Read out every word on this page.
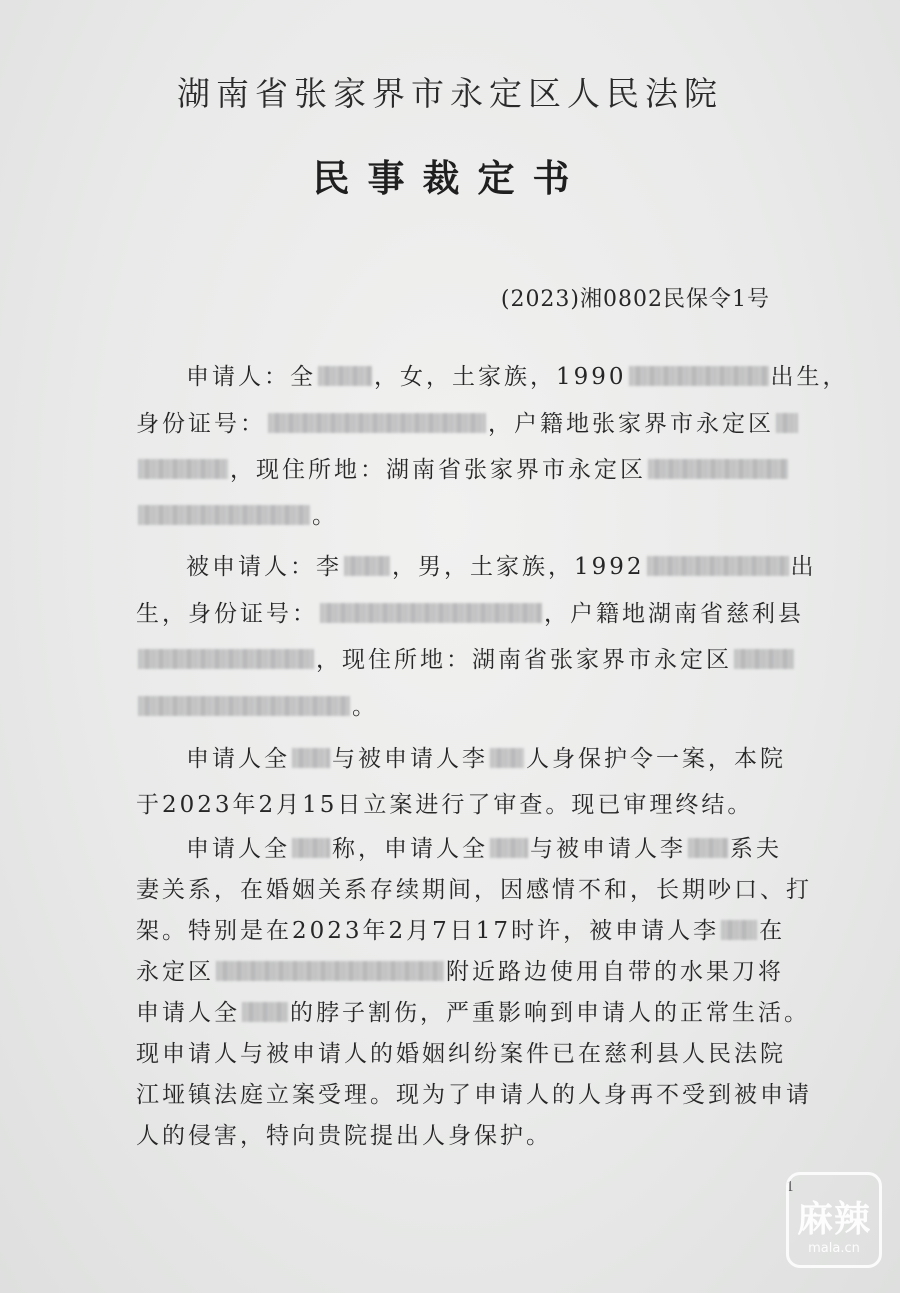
湖南省张家界市永定区人民法院
民事裁定书
(2023)湘0802民保令1号
申请人：全	，女，土家族，1990	出生，
身份证号：	，户籍地张家界市永定区
，现住所地：湖南省张家界市永定区
。
被申请人：李 ，男，土家族，1992	出
生，身份证号：	，户籍地湖南省慈利县
，现住所地：湖南省张家界市永定区
。
申请人全 与被申请人李 人身保护令一案，本院
于2023年2月15日立案进行了审查。现已审理终结。
申请人全 称，申请人全 与被申请人李 系夫
妻关系，在婚姻关系存续期间，因感情不和，长期吵口、打
架。特别是在2023年2月7日17时许，被申请人李 在
永定区	附近路边使用自带的水果刀将
申请人全 的脖子割伤，严重影响到申请人的正常生活。
现申请人与被申请人的婚姻纠纷案件已在慈利县人民法院
江垭镇法庭立案受理。现为了申请人的人身再不受到被申请
人的侵害，特向贵院提出人身保护。
1
麻辣
mala.cn
